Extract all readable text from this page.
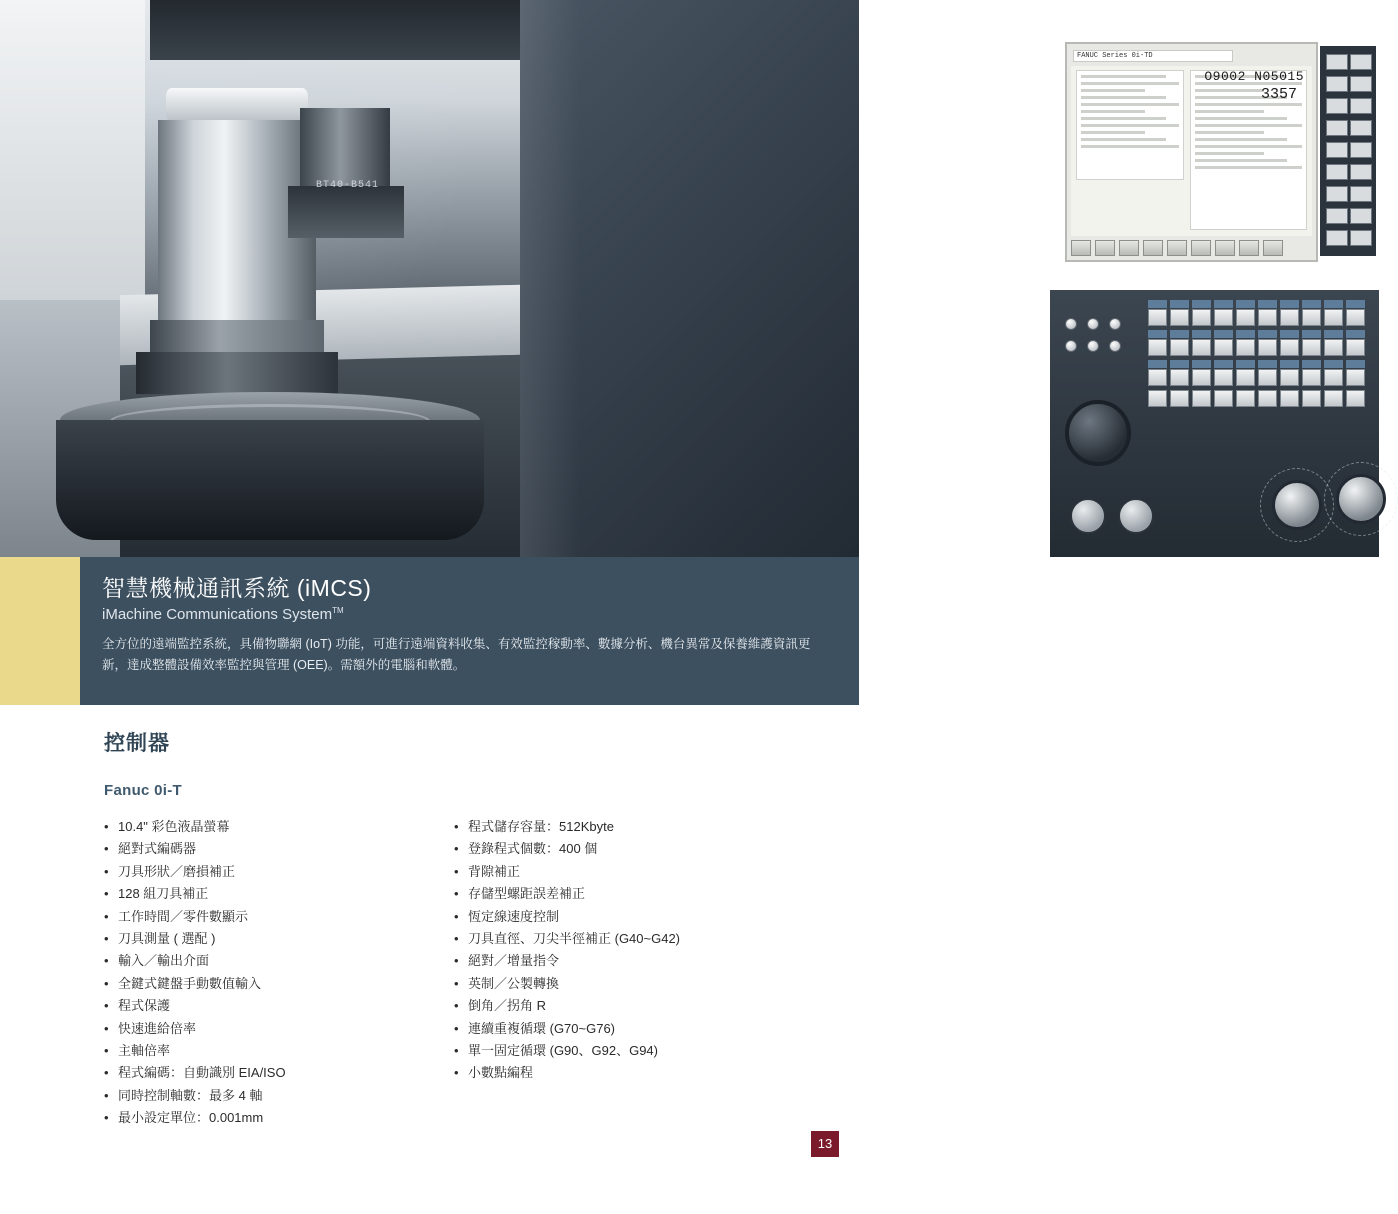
BT40-B541
FANUC Series 0i-TD
O9002 N05015
3357
智慧機械通訊系統 (iMCS)
iMachine Communications System™
全方位的遠端監控系統，具備物聯網 (IoT) 功能，可進行遠端資料收集、有效監控稼動率、數據分析、機台異常及保養維護資訊更新，達成整體設備效率監控與管理 (OEE)。需額外的電腦和軟體。
控制器
Fanuc 0i-T
• 10.4" 彩色液晶螢幕
• 絕對式編碼器
• 刀具形狀／磨損補正
• 128 組刀具補正
• 工作時間／零件數顯示
• 刀具測量 ( 選配 )
• 輸入／輸出介面
• 全鍵式鍵盤手動數值輸入
• 程式保護
• 快速進給倍率
• 主軸倍率
• 程式編碼：自動識別 EIA/ISO
• 同時控制軸數：最多 4 軸
• 最小設定單位：0.001mm
• 程式儲存容量：512Kbyte
• 登錄程式個數：400 個
• 背隙補正
• 存儲型螺距誤差補正
• 恆定線速度控制
• 刀具直徑、刀尖半徑補正 (G40~G42)
• 絕對／增量指令
• 英制／公製轉換
• 倒角／拐角 R
• 連續重複循環 (G70~G76)
• 單一固定循環 (G90、G92、G94)
• 小數點編程
13
